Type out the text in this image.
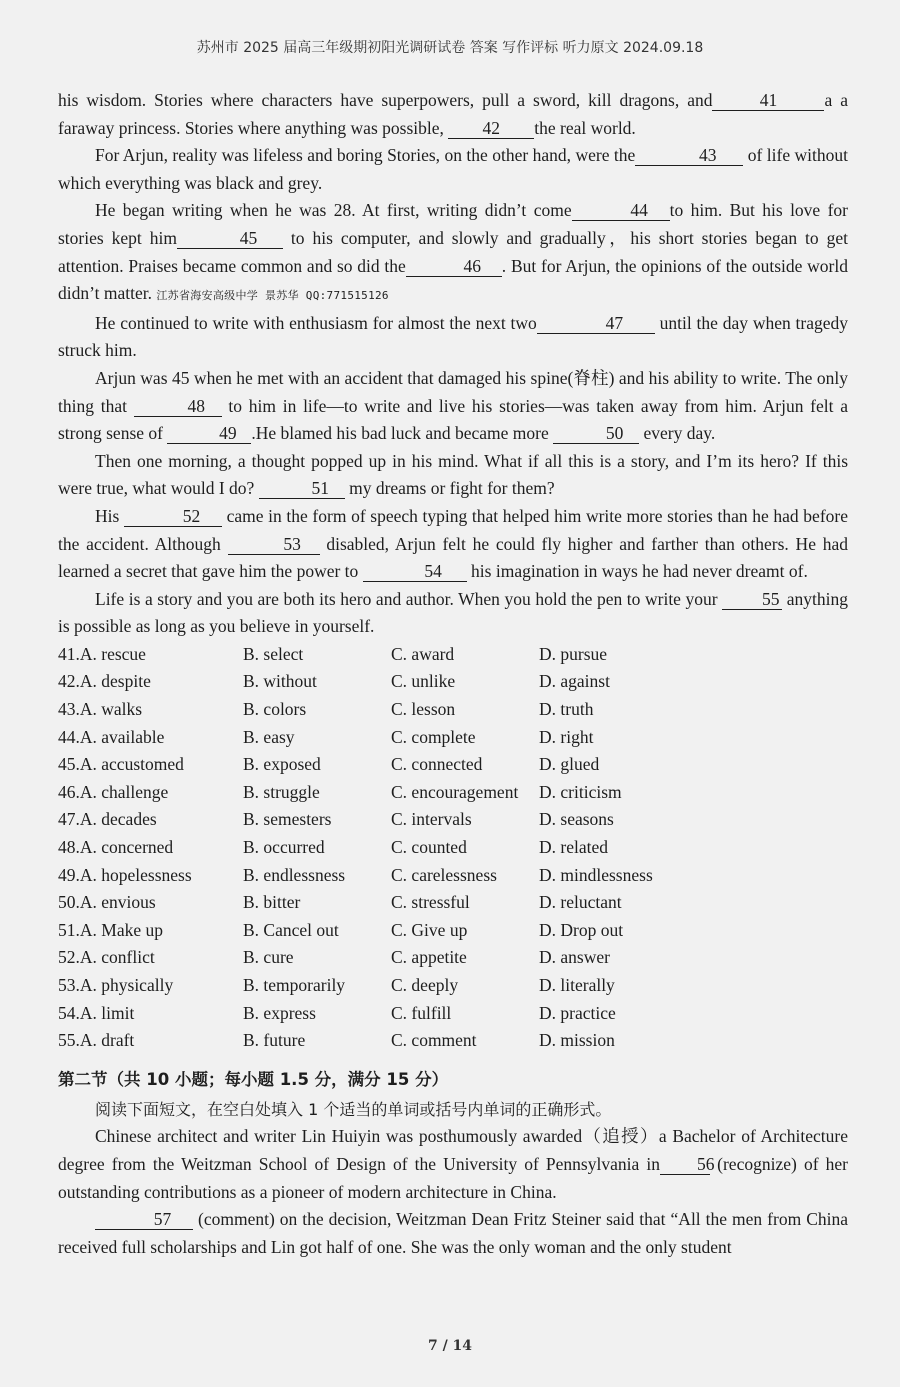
苏州市 2025 届高三年级期初阳光调研试卷 答案 写作评标 听力原文 2024.09.18

his wisdom. Stories where characters have superpowers, pull a sword, kill dragons, and	41	a a faraway princess. Stories where anything was possible, 42 the real world.

For Arjun, reality was lifeless and boring Stories, on the other hand, were the	43 of life without which everything was black and grey.

He began writing when he was 28. At first, writing didn’t come	44 to him. But his love for stories kept him	45 to his computer, and slowly and gradually，his short stories began to get attention. Praises became common and so did the	46 . But for Arjun, the opinions of the outside world didn’t matter. 江苏省海安高级中学 景苏华 QQ:771515126

He continued to write with enthusiasm for almost the next two	47 until the day when tragedy struck him.

Arjun was 45 when he met with an accident that damaged his spine(脊柱) and his ability to write. The only thing that	48 to him in life—to write and live his stories—was taken away from him. Arjun felt a strong sense of	49 .He blamed his bad luck and became more	50 every day.

Then one morning, a thought popped up in his mind. What if all this is a story, and I’m its hero? If this were true, what would I do?	51 my dreams or fight for them?

His	52 came in the form of speech typing that helped him write more stories than he had before the accident. Although	53 disabled, Arjun felt he could fly higher and farther than others. He had learned a secret that gave him the power to	54 his imagination in ways he had never dreamt of.

Life is a story and you are both its hero and author. When you hold the pen to write your	55 anything is possible as long as you believe in yourself.

41.A. rescue	B. select	C. award	D. pursue
42.A. despite	B. without	C. unlike	D. against
43.A. walks	B. colors	C. lesson	D. truth
44.A. available	B. easy	C. complete	D. right
45.A. accustomed	B. exposed	C. connected	D. glued
46.A. challenge	B. struggle	C. encouragement	D. criticism
47.A. decades	B. semesters	C. intervals	D. seasons
48.A. concerned	B. occurred	C. counted	D. related
49.A. hopelessness	B. endlessness	C. carelessness	D. mindlessness
50.A. envious	B. bitter	C. stressful	D. reluctant
51.A. Make up	B. Cancel out	C. Give up	D. Drop out
52.A. conflict	B. cure	C. appetite	D. answer
53.A. physically	B. temporarily	C. deeply	D. literally
54.A. limit	B. express	C. fulfill	D. practice
55.A. draft	B. future	C. comment	D. mission
第二节（共 10 小题；每小题 1.5 分，满分 15 分）

阅读下面短文，在空白处填入 1 个适当的单词或括号内单词的正确形式。

Chinese architect and writer Lin Huiyin was posthumously awarded（追授）a Bachelor of Architecture degree from the Weitzman School of Design of the University of Pennsylvania in 56 (recognize) of her outstanding contributions as a pioneer of modern architecture in China.

57 (comment) on the decision, Weitzman Dean Fritz Steiner said that “All the men from China received full scholarships and Lin got half of one. She was the only woman and the only student

7 / 14
